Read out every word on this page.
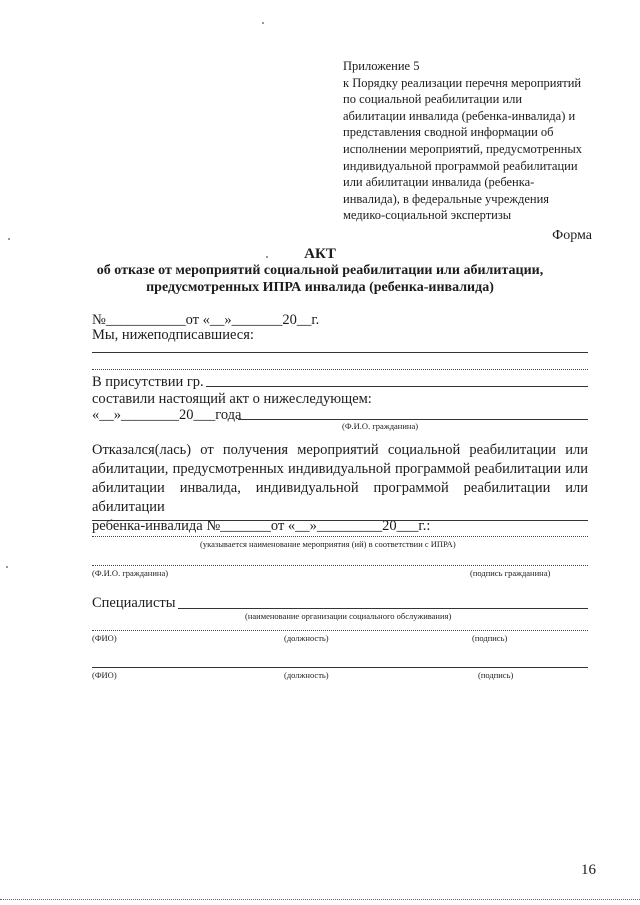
Приложение 5
к Порядку реализации перечня мероприятий
по социальной реабилитации или
абилитации инвалида (ребенка-инвалида) и
представления сводной информации об
исполнении мероприятий, предусмотренных
индивидуальной программой реабилитации
или абилитации инвалида (ребенка-
инвалида), в федеральные учреждения
медико-социальной экспертизы
Форма
АКТ
об отказе от мероприятий социальной реабилитации или абилитации,
предусмотренных ИПРА инвалида (ребенка-инвалида)
№___________от «__»_______20__г.
Мы, нижеподписавшиеся:
В присутствии гр.
составили настоящий акт о нижеследующем:
«__»________20___года
(Ф.И.О. гражданина)
Отказался(лась) от получения мероприятий социальной реабилитации или
абилитации, предусмотренных индивидуальной программой реабилитации или
абилитации инвалида, индивидуальной программой реабилитации или абилитации
ребенка-инвалида №_______от «__»_________20___г.:
(указывается наименование мероприятия (ий) в соответствии с ИПРА)
(Ф.И.О. гражданина)	(подпись гражданина)
Специалисты
(наименование организации социального обслуживания)
(ФИО)	(должность)	(подпись)
(ФИО)	(должность)	(подпись)
16
